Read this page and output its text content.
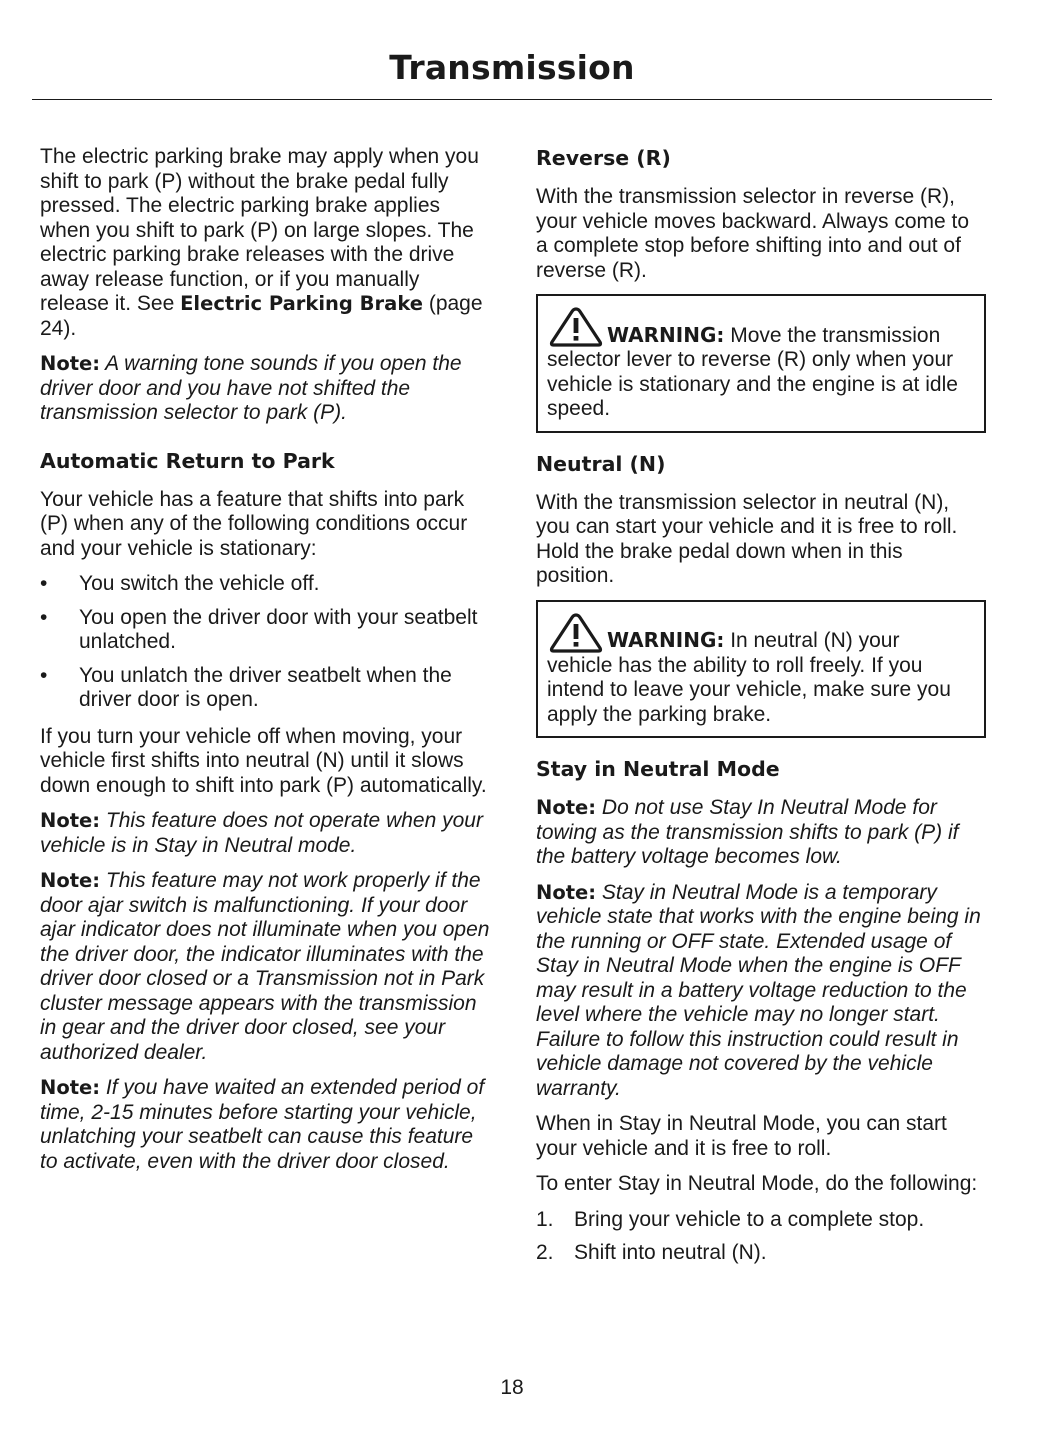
Transmission

The electric parking brake may apply when you shift to park (P) without the brake pedal fully pressed. The electric parking brake applies when you shift to park (P) on large slopes. The electric parking brake releases with the drive away release function, or if you manually release it. See Electric Parking Brake (page 24).

Note: A warning tone sounds if you open the driver door and you have not shifted the transmission selector to park (P).

Automatic Return to Park

Your vehicle has a feature that shifts into park (P) when any of the following conditions occur and your vehicle is stationary:

• You switch the vehicle off.
• You open the driver door with your seatbelt unlatched.
• You unlatch the driver seatbelt when the driver door is open.

If you turn your vehicle off when moving, your vehicle first shifts into neutral (N) until it slows down enough to shift into park (P) automatically.

Note: This feature does not operate when your vehicle is in Stay in Neutral mode.

Note: This feature may not work properly if the door ajar switch is malfunctioning. If your door ajar indicator does not illuminate when you open the driver door, the indicator illuminates with the driver door closed or a Transmission not in Park cluster message appears with the transmission in gear and the driver door closed, see your authorized dealer.

Note: If you have waited an extended period of time, 2-15 minutes before starting your vehicle, unlatching your seatbelt can cause this feature to activate, even with the driver door closed.

Reverse (R)

With the transmission selector in reverse (R), your vehicle moves backward. Always come to a complete stop before shifting into and out of reverse (R).

WARNING: Move the transmission
selector lever to reverse (R) only when your vehicle is stationary and the engine is at idle speed.
Neutral (N)

With the transmission selector in neutral (N), you can start your vehicle and it is free to roll. Hold the brake pedal down when in this position.

WARNING: In neutral (N) your
vehicle has the ability to roll freely. If you intend to leave your vehicle, make sure you apply the parking brake.
Stay in Neutral Mode

Note: Do not use Stay In Neutral Mode for towing as the transmission shifts to park (P) if the battery voltage becomes low.

Note: Stay in Neutral Mode is a temporary vehicle state that works with the engine being in the running or OFF state. Extended usage of Stay in Neutral Mode when the engine is OFF may result in a battery voltage reduction to the level where the vehicle may no longer start. Failure to follow this instruction could result in vehicle damage not covered by the vehicle warranty.

When in Stay in Neutral Mode, you can start your vehicle and it is free to roll.

To enter Stay in Neutral Mode, do the following:

1. Bring your vehicle to a complete stop.
2. Shift into neutral (N).
18
